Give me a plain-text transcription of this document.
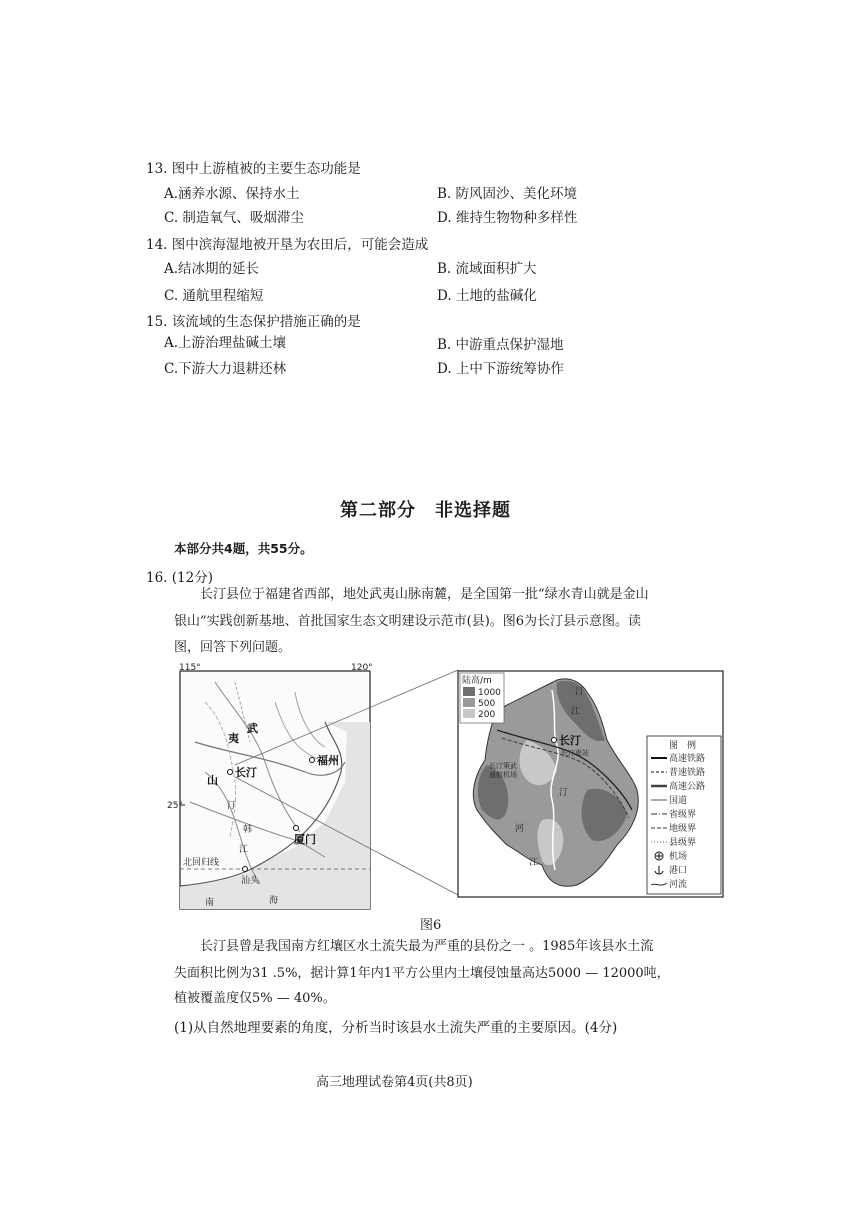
13. 图中上游植被的主要生态功能是
A.涵养水源、保持水土	B. 防风固沙、美化环境
C. 制造氧气、吸烟滞尘	D. 维持生物物种多样性
14. 图中滨海湿地被开垦为农田后，可能会造成
A.结冰期的延长	B. 流域面积扩大
C. 通航里程缩短	D. 土地的盐碱化
15. 该流域的生态保护措施正确的是
A.上游治理盐碱土壤	B. 中游重点保护湿地
C.下游大力退耕还林	D. 上中下游统筹协作
第二部分　非选择题
本部分共4题，共55分。
16. (12分)
长汀县位于福建省西部，地处武夷山脉南麓，是全国第一批“绿水青山就是金山
银山”实践创新基地、首批国家生态文明建设示范市(县)。图6为长汀县示意图。读
图，回答下列问题。
115°	120°
25°
武
夷
山
长汀
福州
厦门
汕头
北回归线
南	海
汀
韩
江
陆高/m
1000
500
200
长汀
长汀南站
长汀策武
通航机场
汀
汀
江
江
河
图　例
高速铁路
普速铁路
高速公路
国道
省级界
地级界
县级界
机场
港口
河流
图6
长汀县曾是我国南方红壤区水土流失最为严重的县份之一 。1985年该县水土流
失面积比例为31 .5%，据计算1年内1平方公里内土壤侵蚀量高达5000 — 12000吨，
植被覆盖度仅5% — 40%。
(1)从自然地理要素的角度，分析当时该县水土流失严重的主要原因。(4分)
高三地理试卷第4页(共8页)
